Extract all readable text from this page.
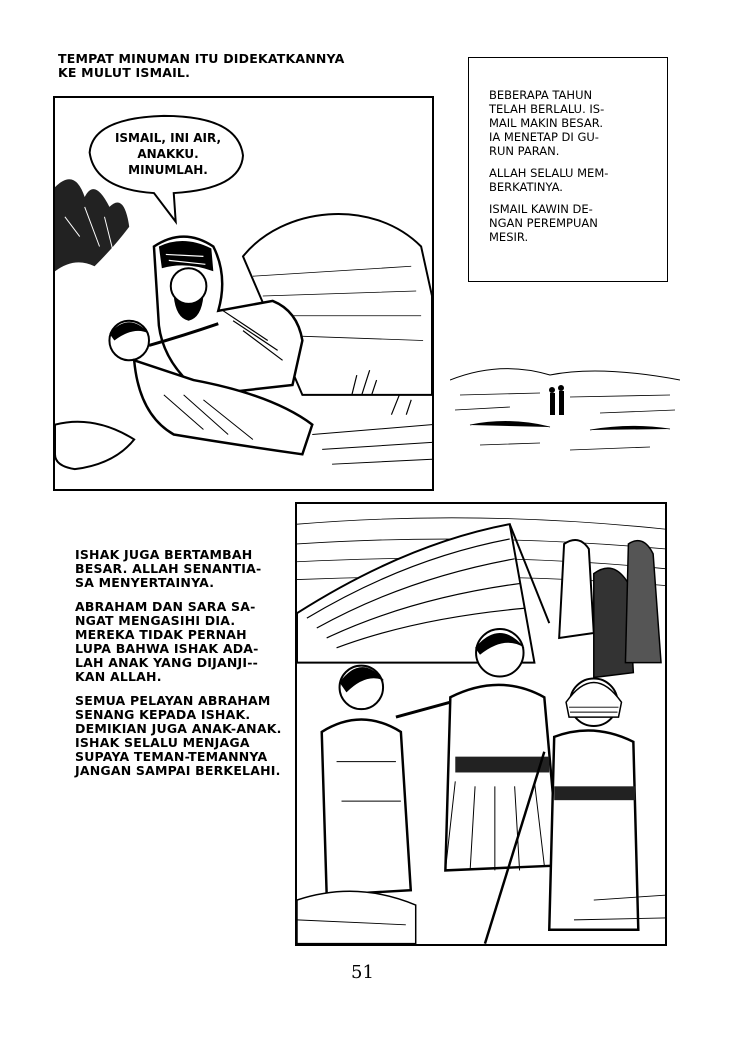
TEMPAT MINUMAN ITU DIDEKATKANNYA
KE MULUT ISMAIL.

ISMAIL, INI AIR,
ANAKKU.
MINUMLAH.

BEBERAPA TAHUN
TELAH BERLALU. IS-
MAIL MAKIN BESAR.
IA MENETAP DI GU-
RUN PARAN.

ALLAH SELALU MEM-
BERKATINYA.

ISMAIL KAWIN DE-
NGAN PEREMPUAN
MESIR.

ISHAK JUGA BERTAMBAH
BESAR. ALLAH SENANTIA-
SA MENYERTAINYA.

ABRAHAM DAN SARA SA-
NGAT MENGASIHI DIA.
MEREKA TIDAK PERNAH
LUPA BAHWA ISHAK ADA-
LAH ANAK YANG DIJANJI--
KAN ALLAH.

SEMUA PELAYAN ABRAHAM
SENANG KEPADA ISHAK.
DEMIKIAN JUGA ANAK-ANAK.
ISHAK SELALU MENJAGA
SUPAYA TEMAN-TEMANNYA
JANGAN SAMPAI BERKELAHI.

51
